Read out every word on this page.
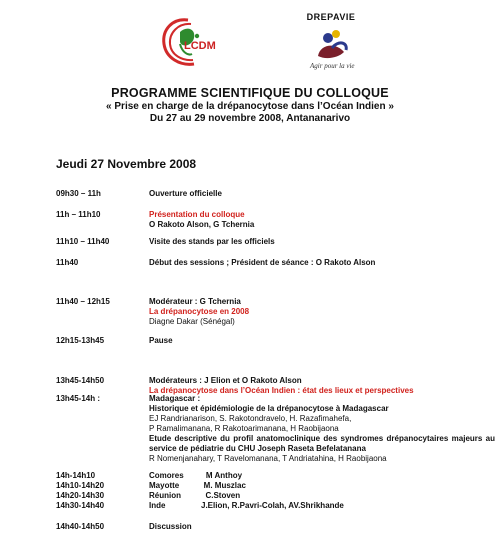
LCDM
DREPAVIE
Agir pour la vie
PROGRAMME SCIENTIFIQUE DU COLLOQUE
« Prise en charge de la drépanocytose dans l’Océan Indien »
Du 27 au 29 novembre 2008, Antananarivo
Jeudi 27 Novembre 2008
09h30 – 11h	Ouverture officielle
11h – 11h10	Présentation du colloque
O Rakoto Alson, G Tchernia
11h10 – 11h40	Visite des stands par les officiels
11h40	Début des sessions ; Président de séance : O Rakoto Alson
11h40 – 12h15	Modérateur : G Tchernia
La drépanocytose en 2008
Diagne Dakar (Sénégal)
12h15-13h45	Pause
13h45-14h50	Modérateurs : J Elion et O Rakoto Alson
La drépanocytose dans l’Océan Indien : état des lieux et perspectives
13h45-14h :	Madagascar :
Historique et épidémiologie de la drépanocytose à Madagascar
EJ Randrianarison, S. Rakotondravelo, H. Razafimahefa,
P Ramalimanana, R Rakotoarimanana, H Raobijaona
Etude descriptive du profil anatomoclinique des syndromes drépanocytaires majeurs au service de pédiatrie du CHU Joseph Raseta Befelatanana
R Nomenjanahary, T Ravelomanana, T Andriatahina, H Raobijaona
14h-14h10	Comores          M Anthoy
14h10-14h20	Mayotte           M. Muszlac
14h20-14h30	Réunion           C.Stoven
14h30-14h40	Inde                J.Elion, R.Pavri-Colah, AV.Shrikhande
14h40-14h50	Discussion
